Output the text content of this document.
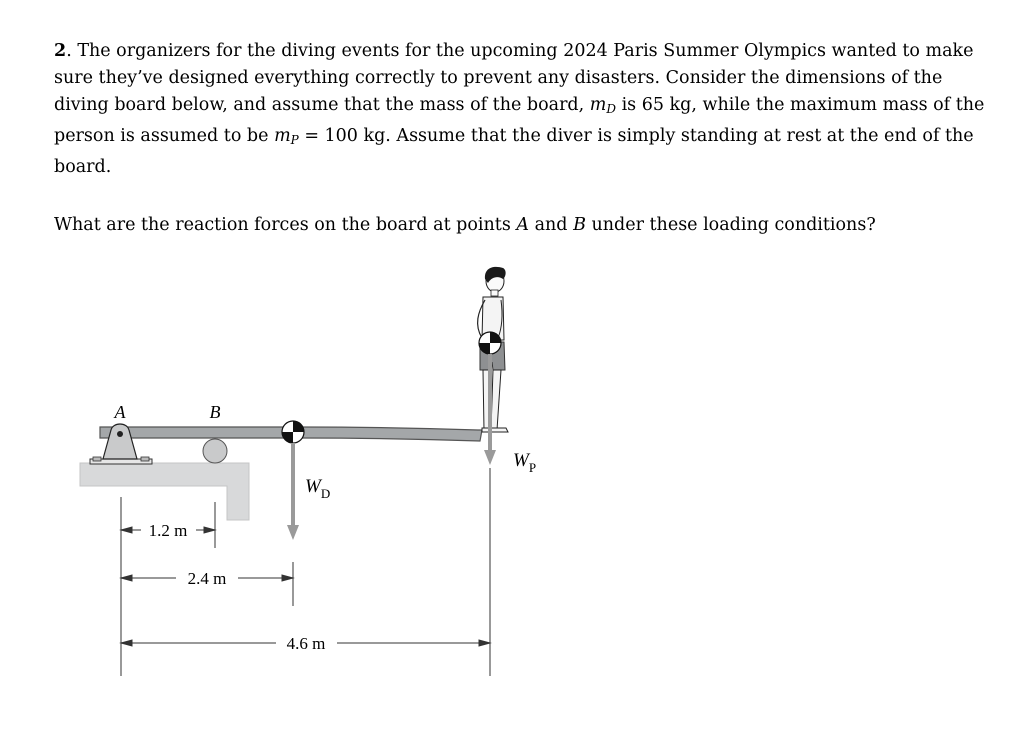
2. The organizers for the diving events for the upcoming 2024 Paris Summer Olympics wanted to make sure they’ve designed everything correctly to prevent any disasters. Consider the dimensions of the diving board below, and assume that the mass of the board, $m_D$ is 65 kg, while the maximum mass of the person is assumed to be $m_P = 100$ kg. Assume that the diver is simply standing at rest at the end of the board.

What are the reaction forces on the board at points A and B under these loading conditions?

A	B
$W_D$
$W_P$
1.2 m
2.4 m
4.6 m
